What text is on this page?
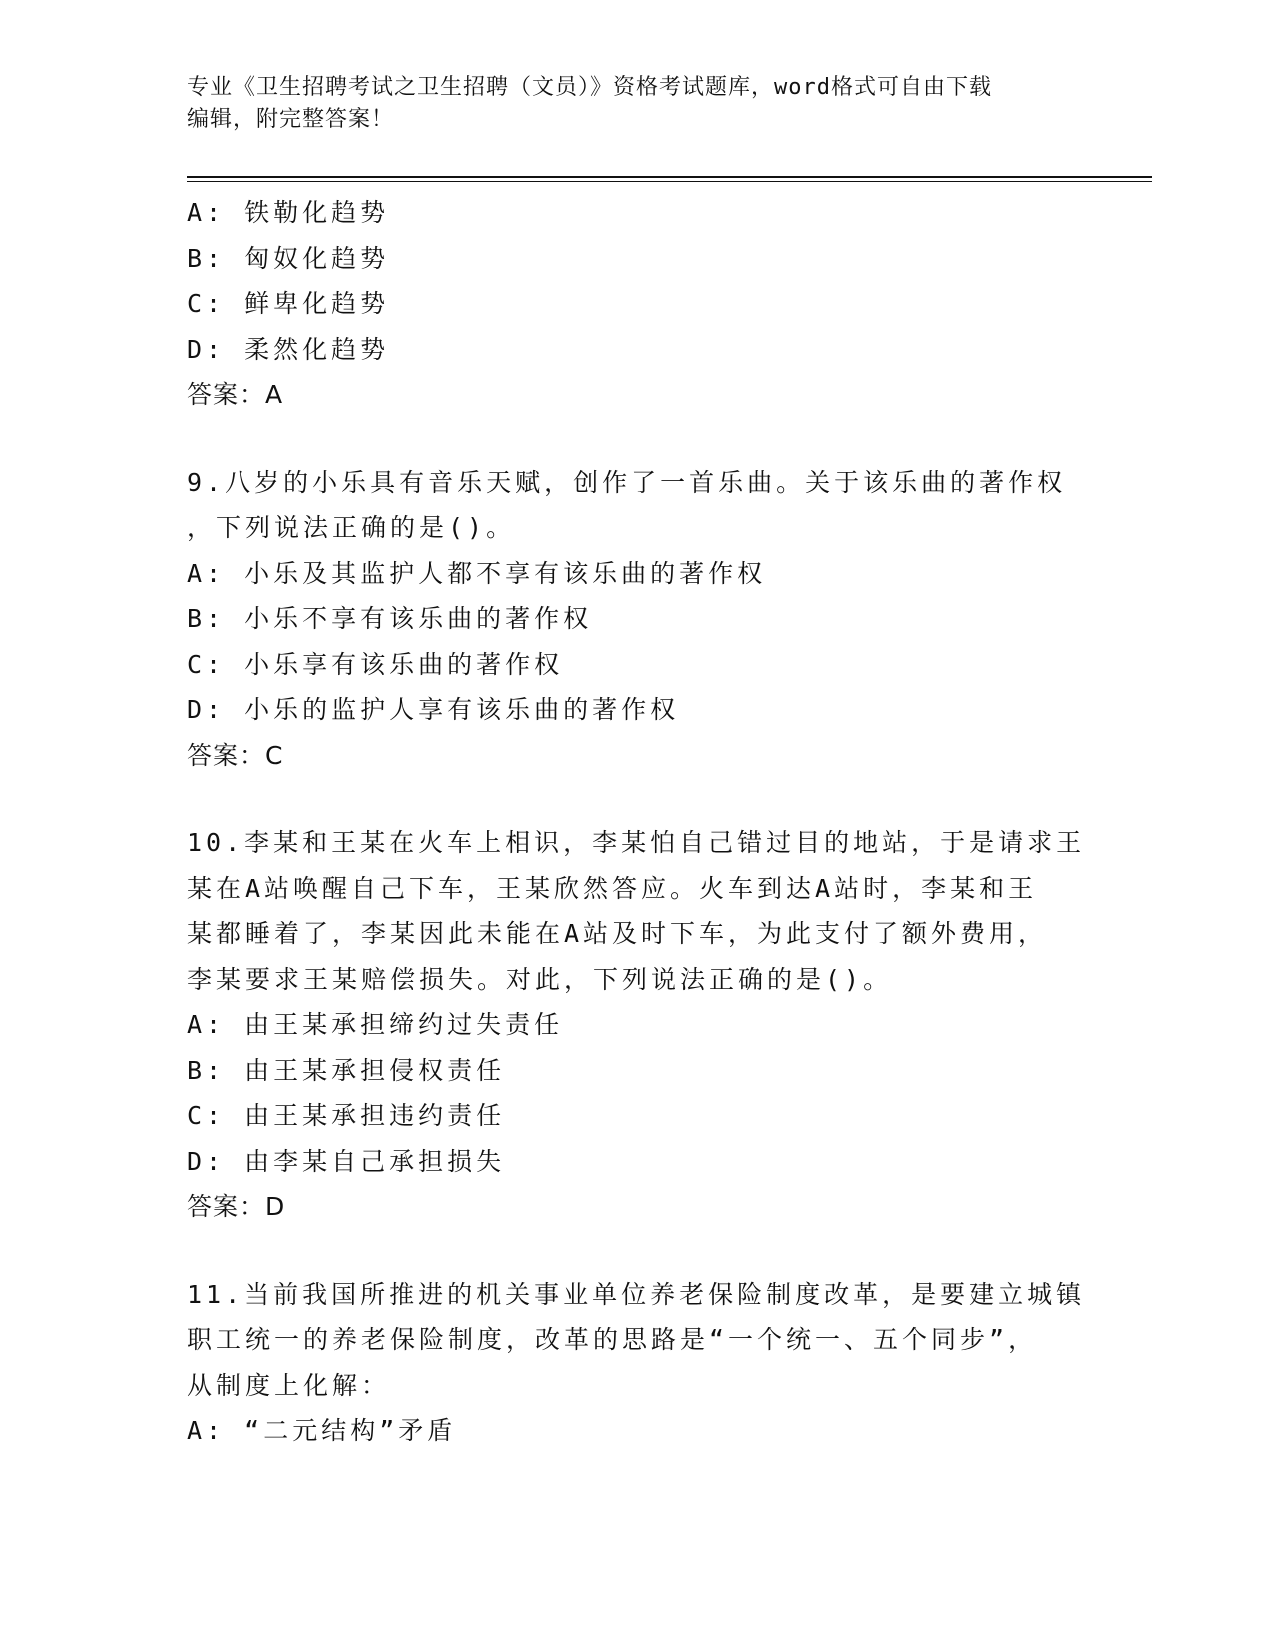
专业《卫生招聘考试之卫生招聘（文员）》资格考试题库，word格式可自由下载
编辑，附完整答案！
A: 铁勒化趋势
B: 匈奴化趋势
C: 鲜卑化趋势
D: 柔然化趋势
答案：A
9.八岁的小乐具有音乐天赋，创作了一首乐曲。关于该乐曲的著作权
，下列说法正确的是()。
A: 小乐及其监护人都不享有该乐曲的著作权
B: 小乐不享有该乐曲的著作权
C: 小乐享有该乐曲的著作权
D: 小乐的监护人享有该乐曲的著作权
答案：C
10.李某和王某在火车上相识，李某怕自己错过目的地站，于是请求王
某在A站唤醒自己下车，王某欣然答应。火车到达A站时，李某和王
某都睡着了，李某因此未能在A站及时下车，为此支付了额外费用，
李某要求王某赔偿损失。对此，下列说法正确的是()。
A: 由王某承担缔约过失责任
B: 由王某承担侵权责任
C: 由王某承担违约责任
D: 由李某自己承担损失
答案：D
11.当前我国所推进的机关事业单位养老保险制度改革，是要建立城镇
职工统一的养老保险制度，改革的思路是“一个统一、五个同步”，
从制度上化解：
A: “二元结构”矛盾
